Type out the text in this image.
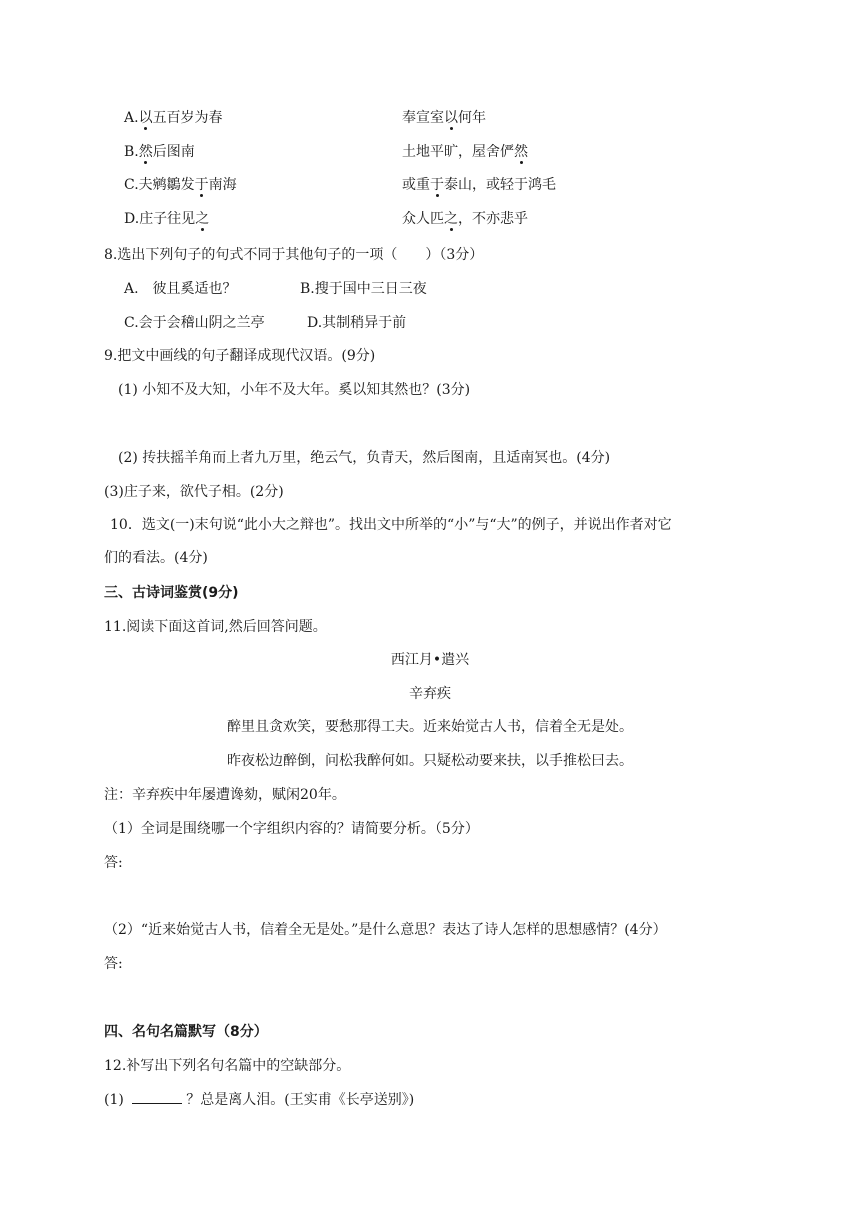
A.以五百岁为春	奉宣室以何年
B.然后图南	土地平旷，屋舍俨然
C.夫鹓鶵发于南海	或重于泰山，或轻于鸿毛
D.庄子往见之	众人匹之，不亦悲乎
8.选出下列句子的句式不同于其他句子的一项（　　）（3分）
A.　彼且奚适也？	B.搜于国中三日三夜
C.会于会稽山阴之兰亭	D.其制稍异于前
9.把文中画线的句子翻译成现代汉语。(9分)
(1) 小知不及大知，小年不及大年。奚以知其然也？(3分)
(2) 抟扶摇羊角而上者九万里，绝云气，负青天，然后图南，且适南冥也。(4分)
(3)庄子来，欲代子相。(2分)
10．选文(一)末句说“此小大之辩也”。找出文中所举的“小”与“大”的例子，并说出作者对它
们的看法。(4分)
三、古诗词鉴赏(9分)
11.阅读下面这首词,然后回答问题。
西江月•遣兴
辛弃疾
醉里且贪欢笑，要愁那得工夫。近来始觉古人书，信着全无是处。
昨夜松边醉倒，问松我醉何如。只疑松动要来扶，以手推松曰去。
注：辛弃疾中年屡遭谗劾，赋闲20年。
（1）全词是围绕哪一个字组织内容的？请简要分析。（5分）
答:
（2）“近来始觉古人书，信着全无是处。”是什么意思？表达了诗人怎样的思想感情？(4分）
答:
四、名句名篇默写（8分）
12.补写出下列名句名篇中的空缺部分。
(1)	？总是离人泪。(王实甫《长亭送别》)
